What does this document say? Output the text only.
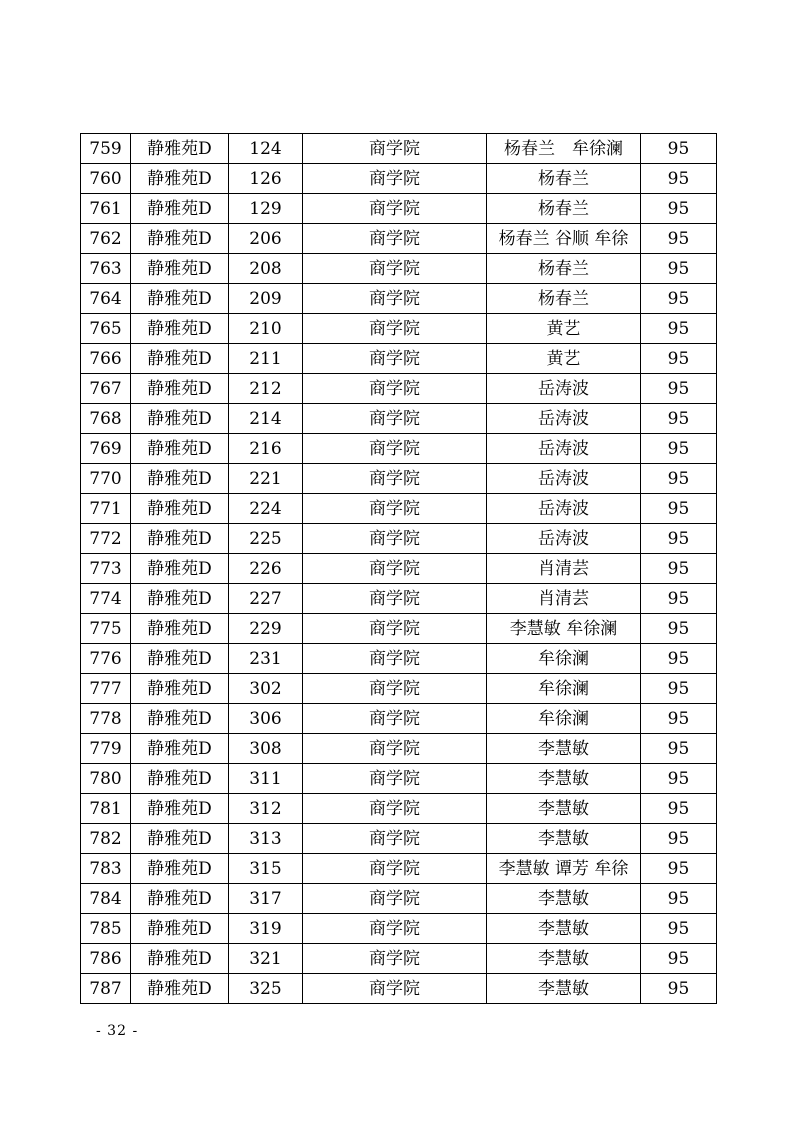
759	静雅苑D	124	商学院	杨春兰　牟徐澜	95
760	静雅苑D	126	商学院	杨春兰	95
761	静雅苑D	129	商学院	杨春兰	95
762	静雅苑D	206	商学院	杨春兰 谷顺 牟徐	95
763	静雅苑D	208	商学院	杨春兰	95
764	静雅苑D	209	商学院	杨春兰	95
765	静雅苑D	210	商学院	黄艺	95
766	静雅苑D	211	商学院	黄艺	95
767	静雅苑D	212	商学院	岳涛波	95
768	静雅苑D	214	商学院	岳涛波	95
769	静雅苑D	216	商学院	岳涛波	95
770	静雅苑D	221	商学院	岳涛波	95
771	静雅苑D	224	商学院	岳涛波	95
772	静雅苑D	225	商学院	岳涛波	95
773	静雅苑D	226	商学院	肖清芸	95
774	静雅苑D	227	商学院	肖清芸	95
775	静雅苑D	229	商学院	李慧敏 牟徐澜	95
776	静雅苑D	231	商学院	牟徐澜	95
777	静雅苑D	302	商学院	牟徐澜	95
778	静雅苑D	306	商学院	牟徐澜	95
779	静雅苑D	308	商学院	李慧敏	95
780	静雅苑D	311	商学院	李慧敏	95
781	静雅苑D	312	商学院	李慧敏	95
782	静雅苑D	313	商学院	李慧敏	95
783	静雅苑D	315	商学院	李慧敏 谭芳 牟徐	95
784	静雅苑D	317	商学院	李慧敏	95
785	静雅苑D	319	商学院	李慧敏	95
786	静雅苑D	321	商学院	李慧敏	95
787	静雅苑D	325	商学院	李慧敏	95
- 32 -
